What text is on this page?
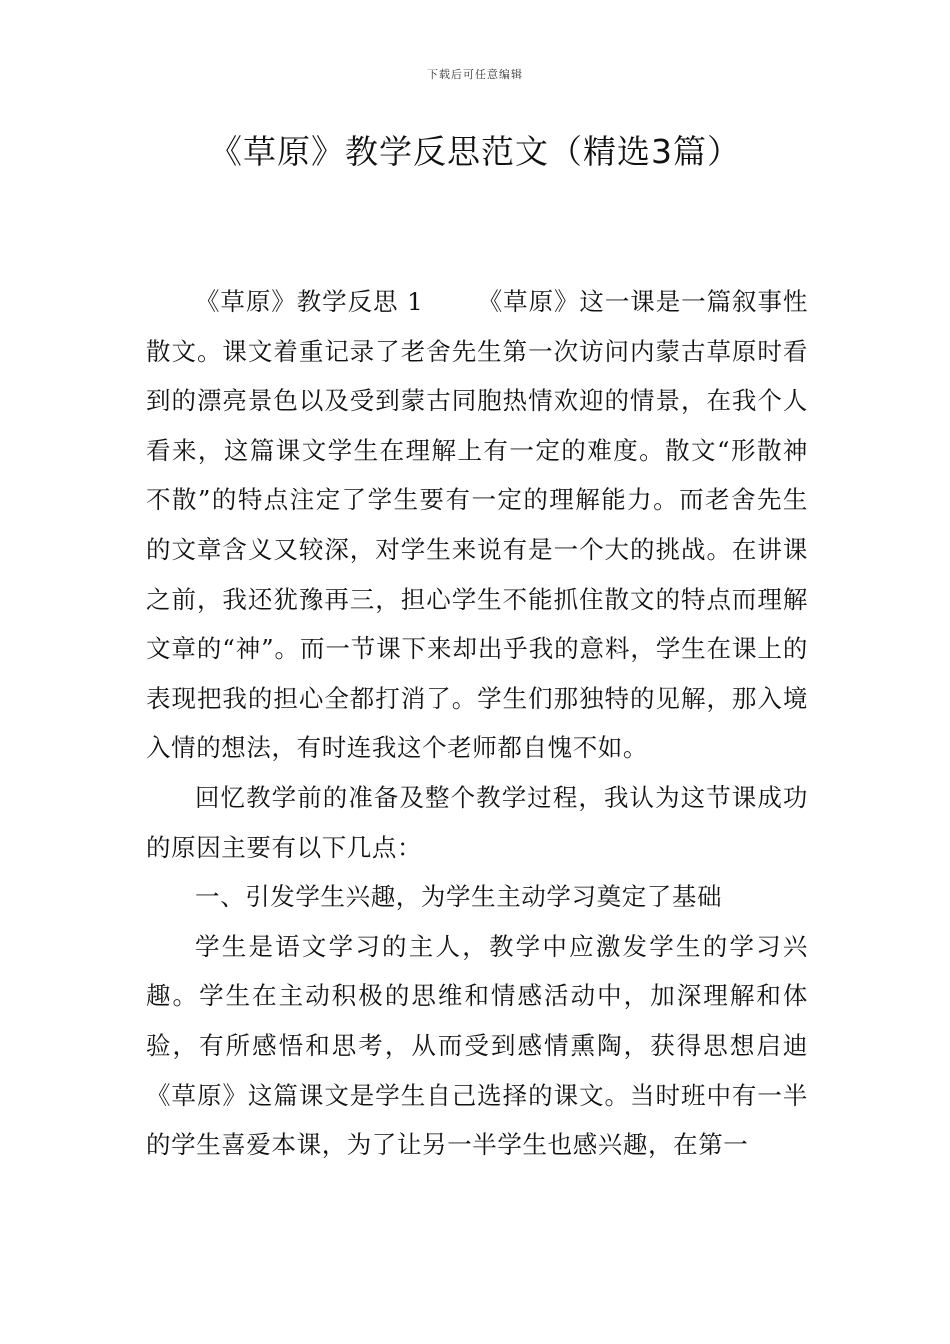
下载后可任意编辑
《草原》教学反思范文（精选3篇）

《草原》教学反思 1 《草原》这一课是一篇叙事性散文。课文着重记录了老舍先生第一次访问内蒙古草原时看到的漂亮景色以及受到蒙古同胞热情欢迎的情景，在我个人看来，这篇课文学生在理解上有一定的难度。散文“形散神不散”的特点注定了学生要有一定的理解能力。而老舍先生的文章含义又较深，对学生来说有是一个大的挑战。在讲课之前，我还犹豫再三，担心学生不能抓住散文的特点而理解文章的“神”。而一节课下来却出乎我的意料，学生在课上的表现把我的担心全都打消了。学生们那独特的见解，那入境入情的想法，有时连我这个老师都自愧不如。

回忆教学前的准备及整个教学过程，我认为这节课成功的原因主要有以下几点：

一、引发学生兴趣，为学生主动学习奠定了基础

学生是语文学习的主人，教学中应激发学生的学习兴趣。学生在主动积极的思维和情感活动中，加深理解和体验，有所感悟和思考，从而受到感情熏陶，获得思想启迪《草原》这篇课文是学生自己选择的课文。当时班中有一半的学生喜爱本课，为了让另一半学生也感兴趣，在第一
